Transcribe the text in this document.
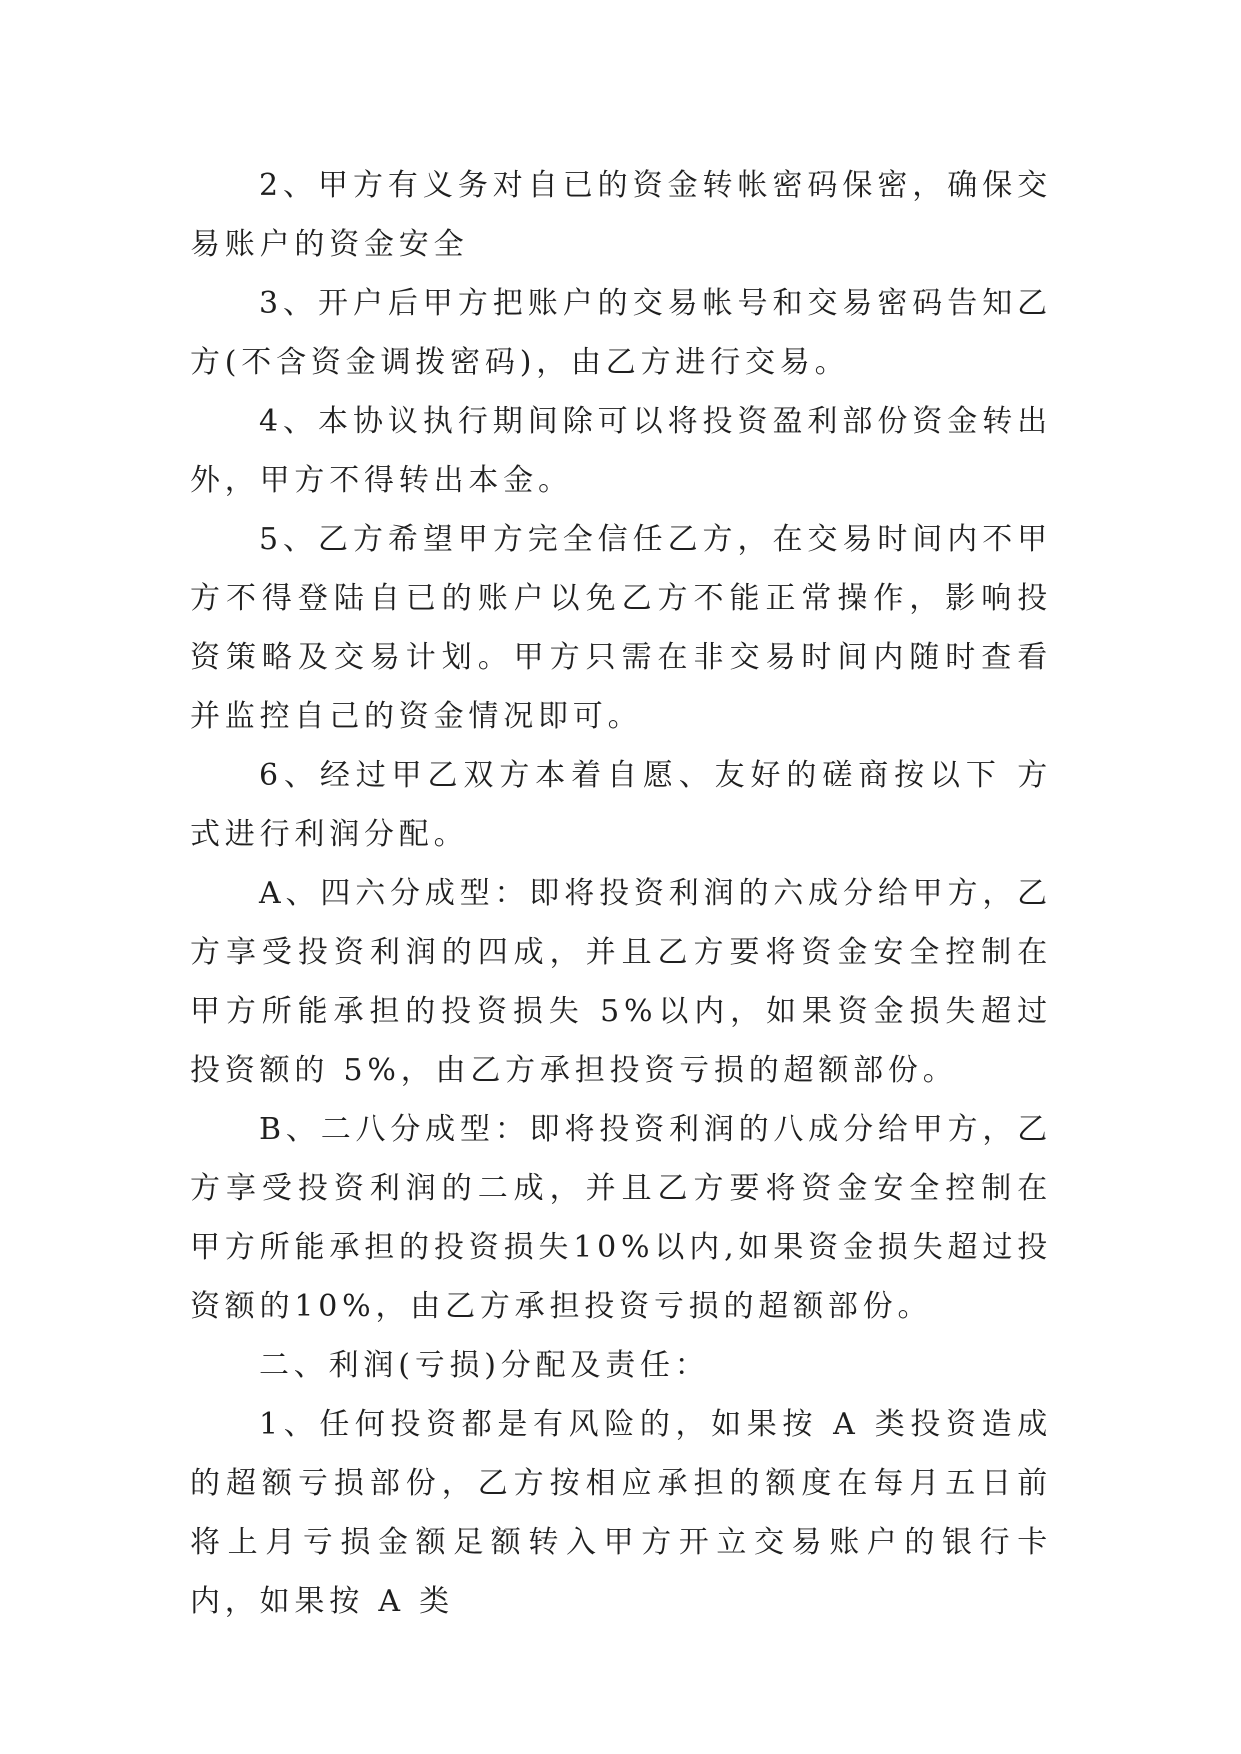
2、甲方有义务对自已的资金转帐密码保密，确保交易账户的资金安全

3、开户后甲方把账户的交易帐号和交易密码告知乙方(不含资金调拨密码)，由乙方进行交易。

4、本协议执行期间除可以将投资盈利部份资金转出外，甲方不得转出本金。

5、乙方希望甲方完全信任乙方，在交易时间内不甲方不得登陆自已的账户以免乙方不能正常操作，影响投资策略及交易计划。甲方只需在非交易时间内随时查看并监控自己的资金情况即可。

6、经过甲乙双方本着自愿、友好的磋商按以下 方式进行利润分配。

A、四六分成型：即将投资利润的六成分给甲方，乙方享受投资利润的四成，并且乙方要将资金安全控制在甲方所能承担的投资损失 5%以内，如果资金损失超过投资额的 5%，由乙方承担投资亏损的超额部份。

B、二八分成型：即将投资利润的八成分给甲方，乙方享受投资利润的二成，并且乙方要将资金安全控制在甲方所能承担的投资损失10%以内,如果资金损失超过投资额的10%，由乙方承担投资亏损的超额部份。

二、利润(亏损)分配及责任：

1、任何投资都是有风险的，如果按 A 类投资造成的超额亏损部份，乙方按相应承担的额度在每月五日前将上月亏损金额足额转入甲方开立交易账户的银行卡内，如果按 A 类
